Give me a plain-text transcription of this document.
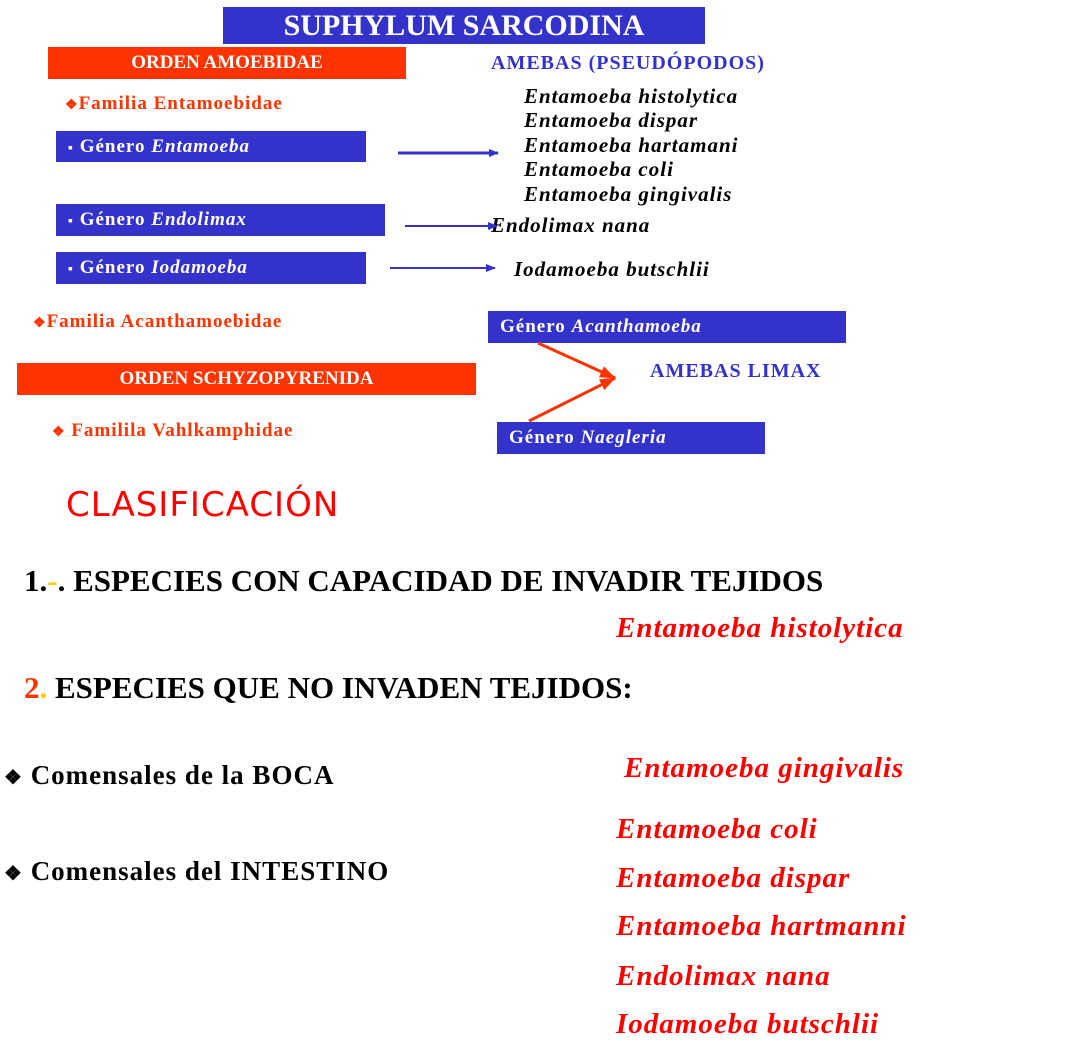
SUPHYLUM SARCODINA
ORDEN AMOEBIDAE	AMEBAS (PSEUDÓPODOS)
❖Familia Entamoebidae
▪ Género Entamoeba
Entamoeba histolytica
Entamoeba dispar
Entamoeba hartamani
Entamoeba coli
Entamoeba gingivalis
▪ Género Endolimax	Endolimax nana
▪ Género Iodamoeba	Iodamoeba butschlii
❖Familia Acanthamoebidae	Género Acanthamoeba
ORDEN SCHYZOPYRENIDA	AMEBAS LIMAX
❖ Familila Vahlkamphidae	Género Naegleria
CLASIFICACIÓN
1.-. ESPECIES CON CAPACIDAD DE INVADIR TEJIDOS
Entamoeba histolytica
2. ESPECIES QUE NO INVADEN TEJIDOS:
❖ Comensales de la BOCA	Entamoeba gingivalis
❖ Comensales del INTESTINO
Entamoeba coli
Entamoeba dispar
Entamoeba hartmanni
Endolimax nana
Iodamoeba butschlii
